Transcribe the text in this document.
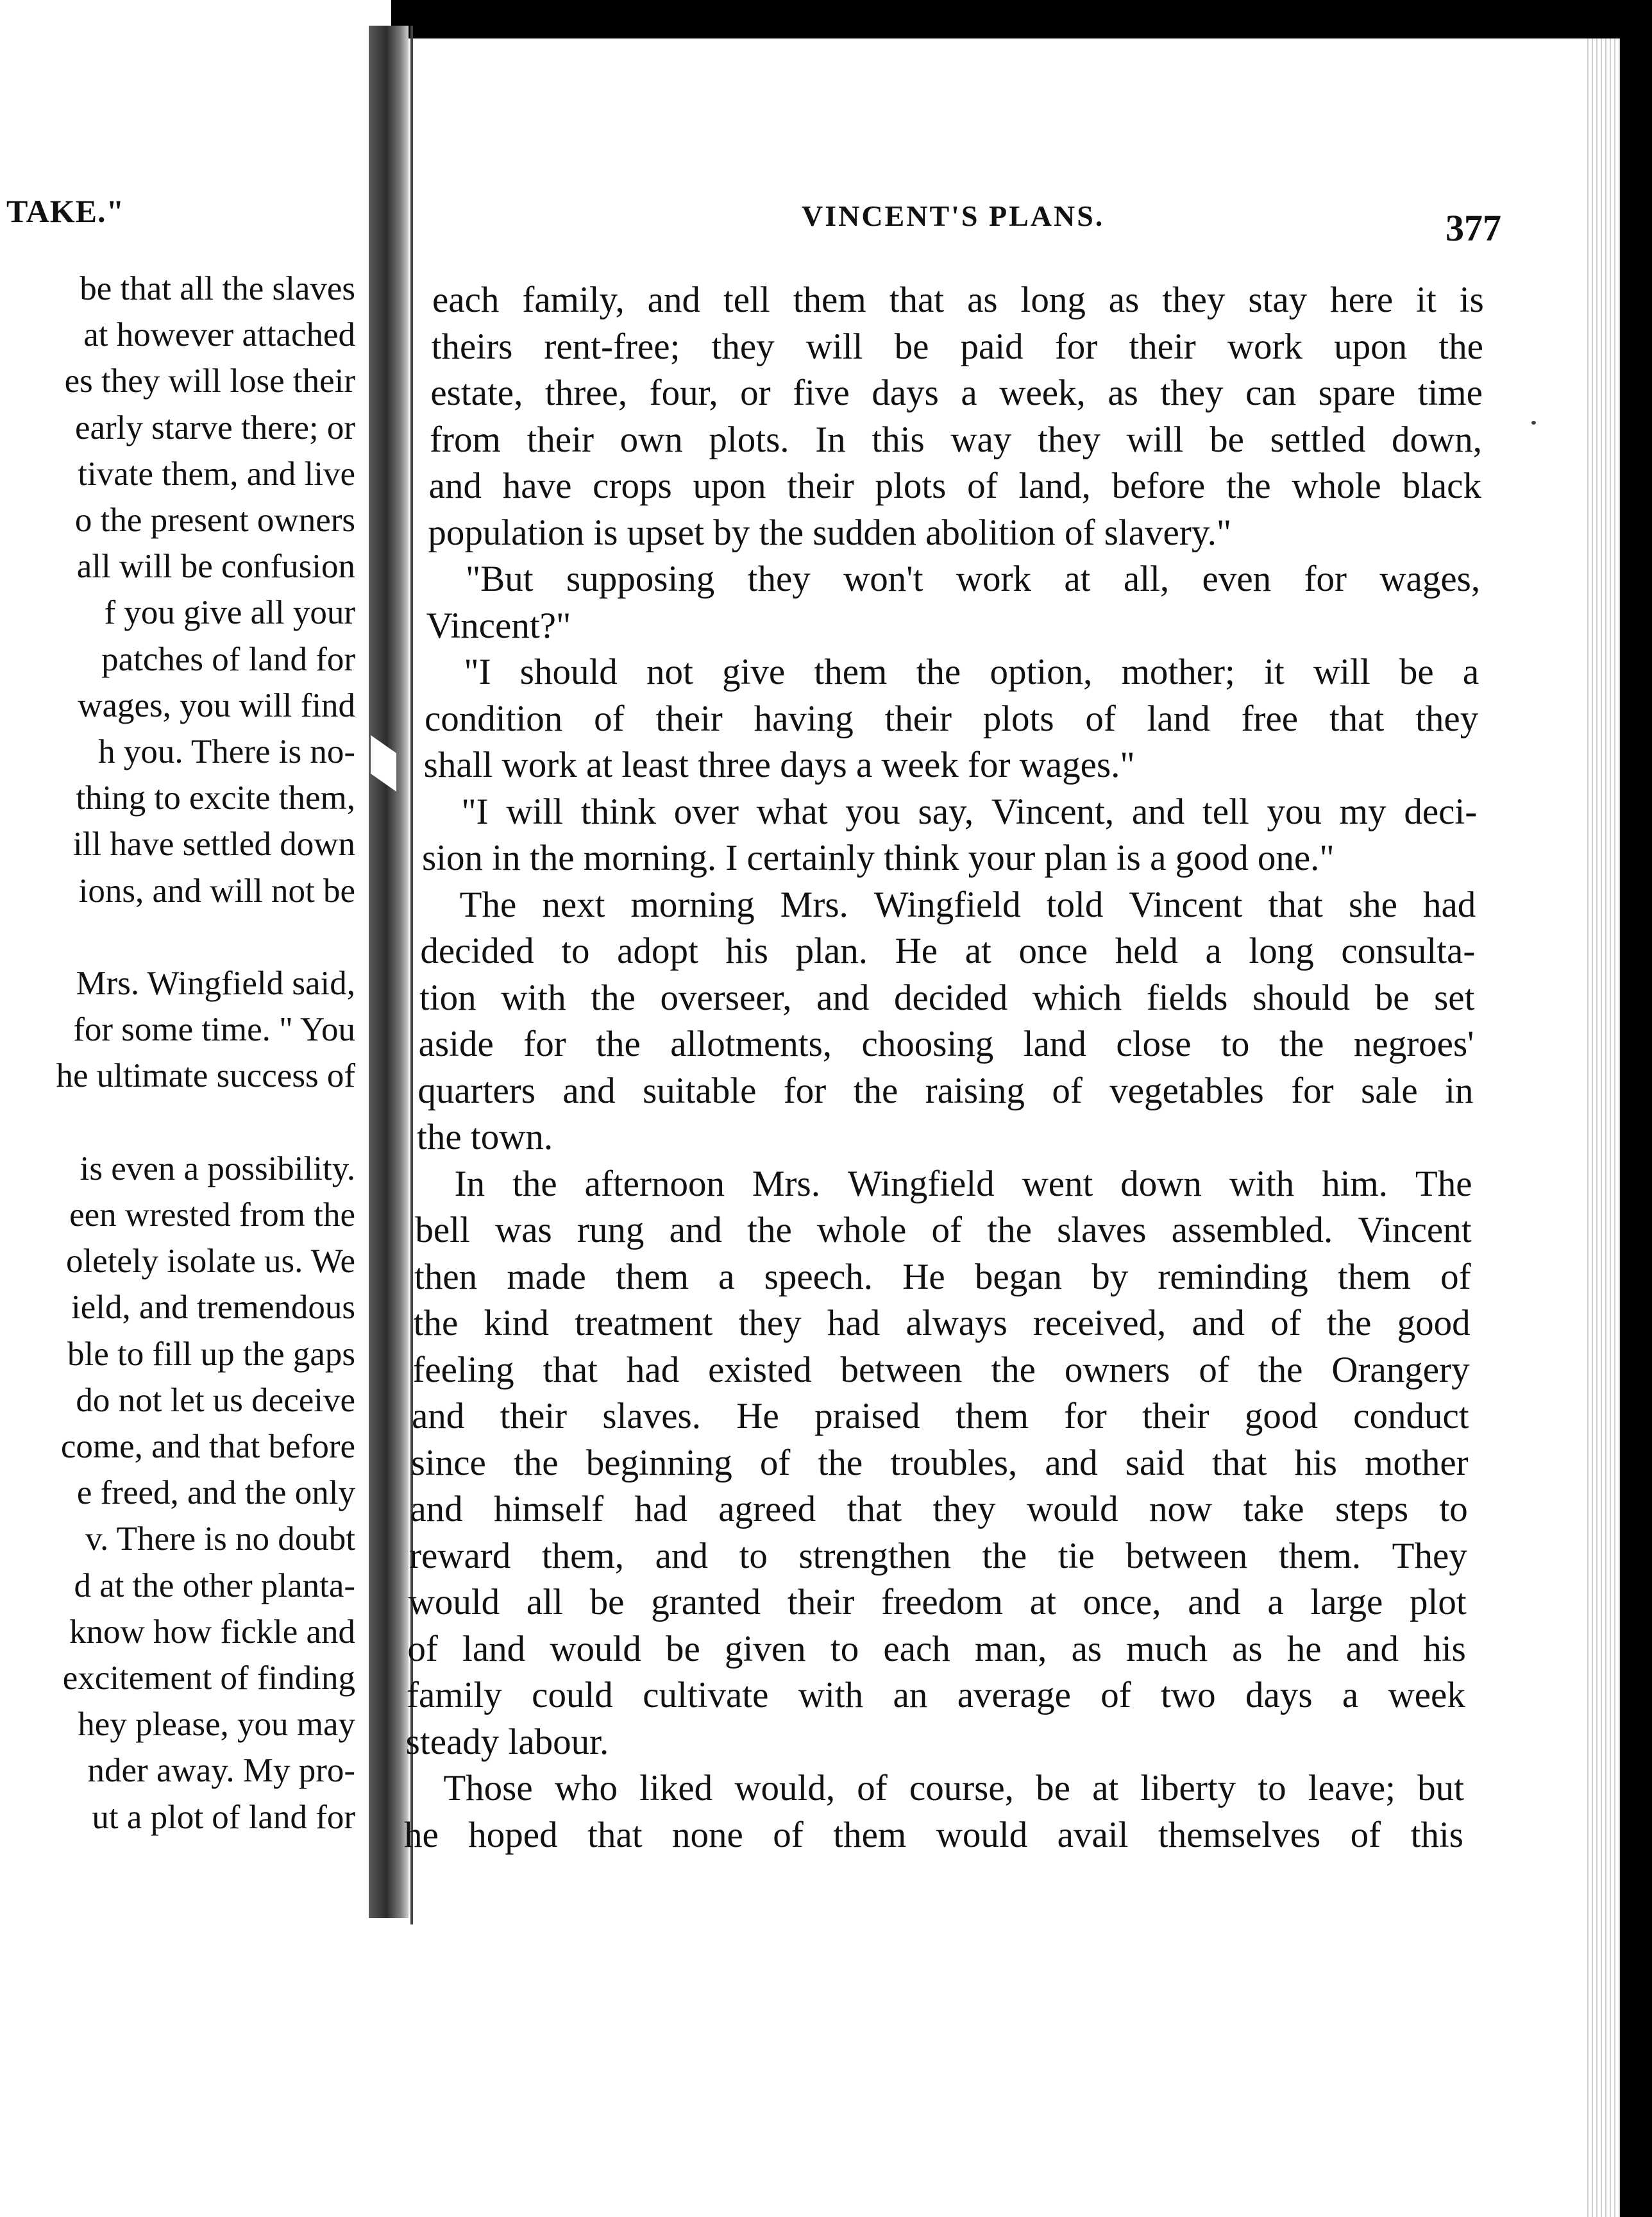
TAKE."
be that all the slaves
at however attached
es they will lose their
early starve there; or
tivate them, and live
o the present owners
all will be confusion
f you give all your
patches of land for
wages, you will find
h you. There is no-
thing to excite them,
ill have settled down
ions, and will not be
Mrs. Wingfield said,
for some time. " You
he ultimate success of
is even a possibility.
een wrested from the
oletely isolate us. We
ield, and tremendous
ble to fill up the gaps
do not let us deceive
come, and that before
e freed, and the only
v. There is no doubt
d at the other planta-
know how fickle and
excitement of finding
hey please, you may
nder away. My pro-
ut a plot of land for
VINCENT'S PLANS.	377
each family, and tell them that as long as they stay here it is
theirs rent-free; they will be paid for their work upon the
estate, three, four, or five days a week, as they can spare time
from their own plots. In this way they will be settled down,
and have crops upon their plots of land, before the whole black
population is upset by the sudden abolition of slavery."
"But supposing they won't work at all, even for wages,
Vincent?"
"I should not give them the option, mother; it will be a
condition of their having their plots of land free that they
shall work at least three days a week for wages."
"I will think over what you say, Vincent, and tell you my deci-
sion in the morning. I certainly think your plan is a good one."
The next morning Mrs. Wingfield told Vincent that she had
decided to adopt his plan. He at once held a long consulta-
tion with the overseer, and decided which fields should be set
aside for the allotments, choosing land close to the negroes'
quarters and suitable for the raising of vegetables for sale in
the town.
In the afternoon Mrs. Wingfield went down with him. The
bell was rung and the whole of the slaves assembled. Vincent
then made them a speech. He began by reminding them of
the kind treatment they had always received, and of the good
feeling that had existed between the owners of the Orangery
and their slaves. He praised them for their good conduct
since the beginning of the troubles, and said that his mother
and himself had agreed that they would now take steps to
reward them, and to strengthen the tie between them. They
would all be granted their freedom at once, and a large plot
of land would be given to each man, as much as he and his
family could cultivate with an average of two days a week
steady labour.
Those who liked would, of course, be at liberty to leave; but
he hoped that none of them would avail themselves of this
